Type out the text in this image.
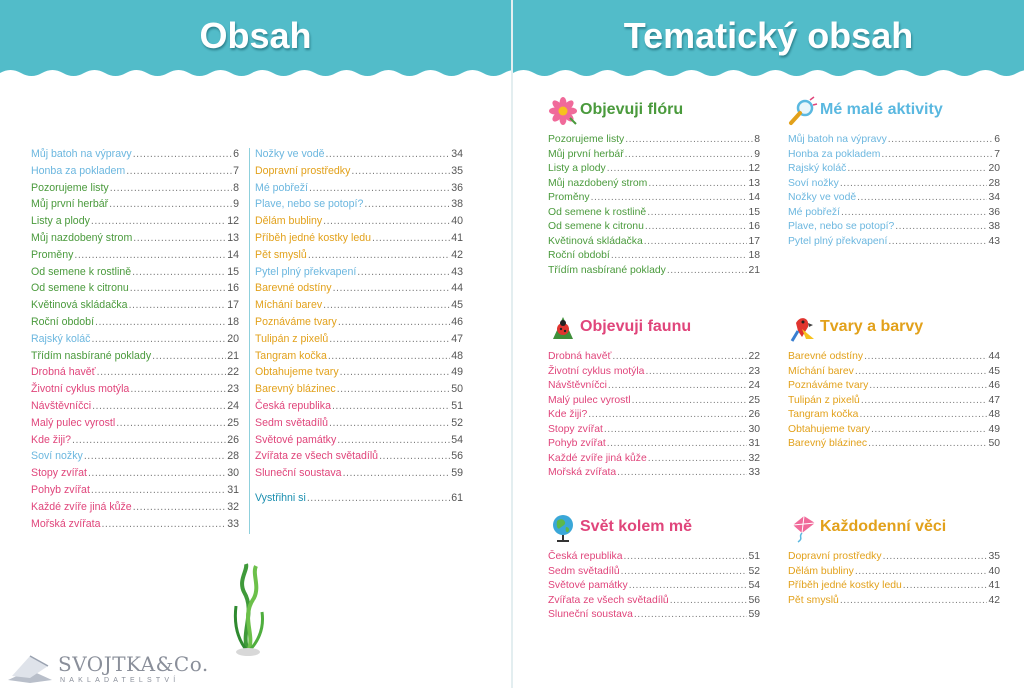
Obsah	Tematický obsah
Můj batoh na výpravy .....	6
Honba za pokladem .....	7
Pozorujeme listy .....	8
Můj první herbář .....	9
Listy a plody .....	12
Můj nazdobený strom .....	13
Proměny .....	14
Od semene k rostlině .....	15
Od semene k citronu .....	16
Květinová skládačka .....	17
Roční období .....	18
Rajský koláč .....	20
Třídím nasbírané poklady .....	21
Drobná havěť .....	22
Životní cyklus motýla .....	23
Návštěvníčci .....	24
Malý pulec vyrostl .....	25
Kde žiji? .....	26
Soví nožky .....	28
Stopy zvířat .....	30
Pohyb zvířat .....	31
Každé zvíře jiná kůže .....	32
Mořská zvířata .....	33
Nožky ve vodě .....	34
Dopravní prostředky .....	35
Mé pobřeží .....	36
Plave, nebo se potopí? .....	38
Dělám bubliny .....	40
Příběh jedné kostky ledu .....	41
Pět smyslů .....	42
Pytel plný překvapení .....	43
Barevné odstíny .....	44
Míchání barev .....	45
Poznáváme tvary .....	46
Tulipán z pixelů .....	47
Tangram kočka .....	48
Obtahujeme tvary .....	49
Barevný blázinec .....	50
Česká republika .....	51
Sedm světadílů .....	52
Světové památky .....	54
Zvířata ze všech světadílů .....	56
Sluneční soustava .....	59
Vystřihni si .....	61
Objevuji flóru
Pozorujeme listy .....	8
Můj první herbář .....	9
Listy a plody .....	12
Můj nazdobený strom .....	13
Proměny .....	14
Od semene k rostlině .....	15
Od semene k citronu .....	16
Květinová skládačka .....	17
Roční období .....	18
Třídím nasbírané poklady .....	21
Mé malé aktivity
Můj batoh na výpravy .....	6
Honba za pokladem .....	7
Rajský koláč .....	20
Soví nožky .....	28
Nožky ve vodě .....	34
Mé pobřeží .....	36
Plave, nebo se potopí? .....	38
Pytel plný překvapení .....	43
Objevuji faunu
Drobná havěť .....	22
Životní cyklus motýla .....	23
Návštěvníčci .....	24
Malý pulec vyrostl .....	25
Kde žiji? .....	26
Stopy zvířat .....	30
Pohyb zvířat .....	31
Každé zvíře jiná kůže .....	32
Mořská zvířata .....	33
Tvary a barvy
Barevné odstíny .....	44
Míchání barev .....	45
Poznáváme tvary .....	46
Tulipán z pixelů .....	47
Tangram kočka .....	48
Obtahujeme tvary .....	49
Barevný blázinec .....	50
Svět kolem mě
Česká republika .....	51
Sedm světadílů .....	52
Světové památky .....	54
Zvířata ze všech světadílů .....	56
Sluneční soustava .....	59
Každodenní věci
Dopravní prostředky .....	35
Dělám bubliny .....	40
Příběh jedné kostky ledu .....	41
Pět smyslů .....	42
SVOJTKA&Co.
NAKLADATELSTVÍ
